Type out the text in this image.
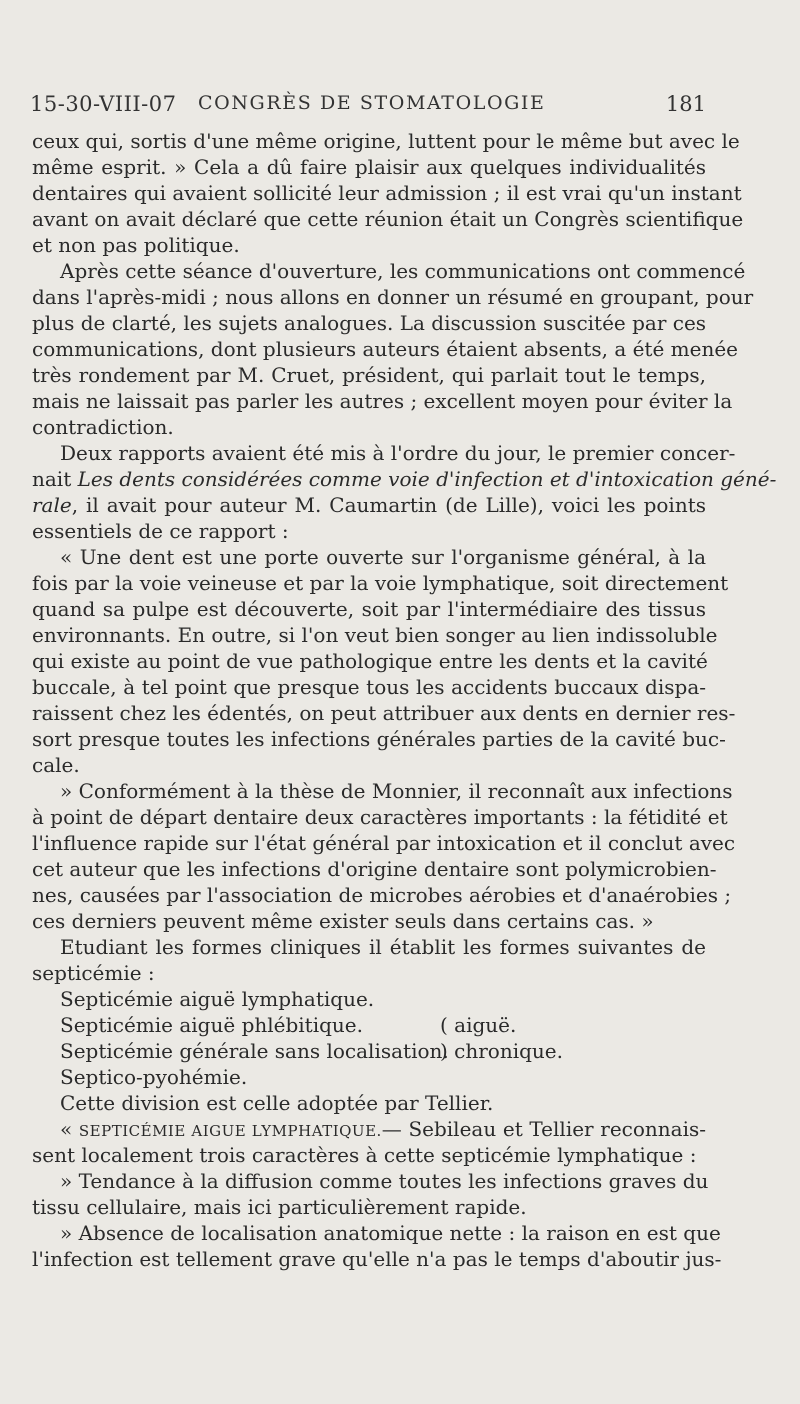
15-30-VIII-07 CONGRÈS DE STOMATOLOGIE	181
ceux qui, sortis d'une même origine, luttent pour le même but avec le
même esprit. » Cela a dû faire plaisir aux quelques individualités
dentaires qui avaient sollicité leur admission ; il est vrai qu'un instant
avant on avait déclaré que cette réunion était un Congrès scientifique
et non pas politique.
Après cette séance d'ouverture, les communications ont commencé
dans l'après-midi ; nous allons en donner un résumé en groupant, pour
plus de clarté, les sujets analogues. La discussion suscitée par ces
communications, dont plusieurs auteurs étaient absents, a été menée
très rondement par M. Cruet, président, qui parlait tout le temps,
mais ne laissait pas parler les autres ; excellent moyen pour éviter la
contradiction.
Deux rapports avaient été mis à l'ordre du jour, le premier concer-
nait Les dents considérées comme voie d'infection et d'intoxication géné-
rale, il avait pour auteur M. Caumartin (de Lille), voici les points
essentiels de ce rapport :
« Une dent est une porte ouverte sur l'organisme général, à la
fois par la voie veineuse et par la voie lymphatique, soit directement
quand sa pulpe est découverte, soit par l'intermédiaire des tissus
environnants. En outre, si l'on veut bien songer au lien indissoluble
qui existe au point de vue pathologique entre les dents et la cavité
buccale, à tel point que presque tous les accidents buccaux dispa-
raissent chez les édentés, on peut attribuer aux dents en dernier res-
sort presque toutes les infections générales parties de la cavité buc-
cale.
» Conformément à la thèse de Monnier, il reconnaît aux infections
à point de départ dentaire deux caractères importants : la fétidité et
l'influence rapide sur l'état général par intoxication et il conclut avec
cet auteur que les infections d'origine dentaire sont polymicrobien-
nes, causées par l'association de microbes aérobies et d'anaérobies ;
ces derniers peuvent même exister seuls dans certains cas. »
Etudiant les formes cliniques il établit les formes suivantes de
septicémie :
Septicémie aiguë lymphatique.
Septicémie aiguë phlébitique.
Septicémie générale sans localisation.
( aiguë.
) chronique.
Septico-pyohémie.
Cette division est celle adoptée par Tellier.
« SEPTICÉMIE AIGUE LYMPHATIQUE.— Sebileau et Tellier reconnais-
sent localement trois caractères à cette septicémie lymphatique :
» Tendance à la diffusion comme toutes les infections graves du
tissu cellulaire, mais ici particulièrement rapide.
» Absence de localisation anatomique nette : la raison en est que
l'infection est tellement grave qu'elle n'a pas le temps d'aboutir jus-
